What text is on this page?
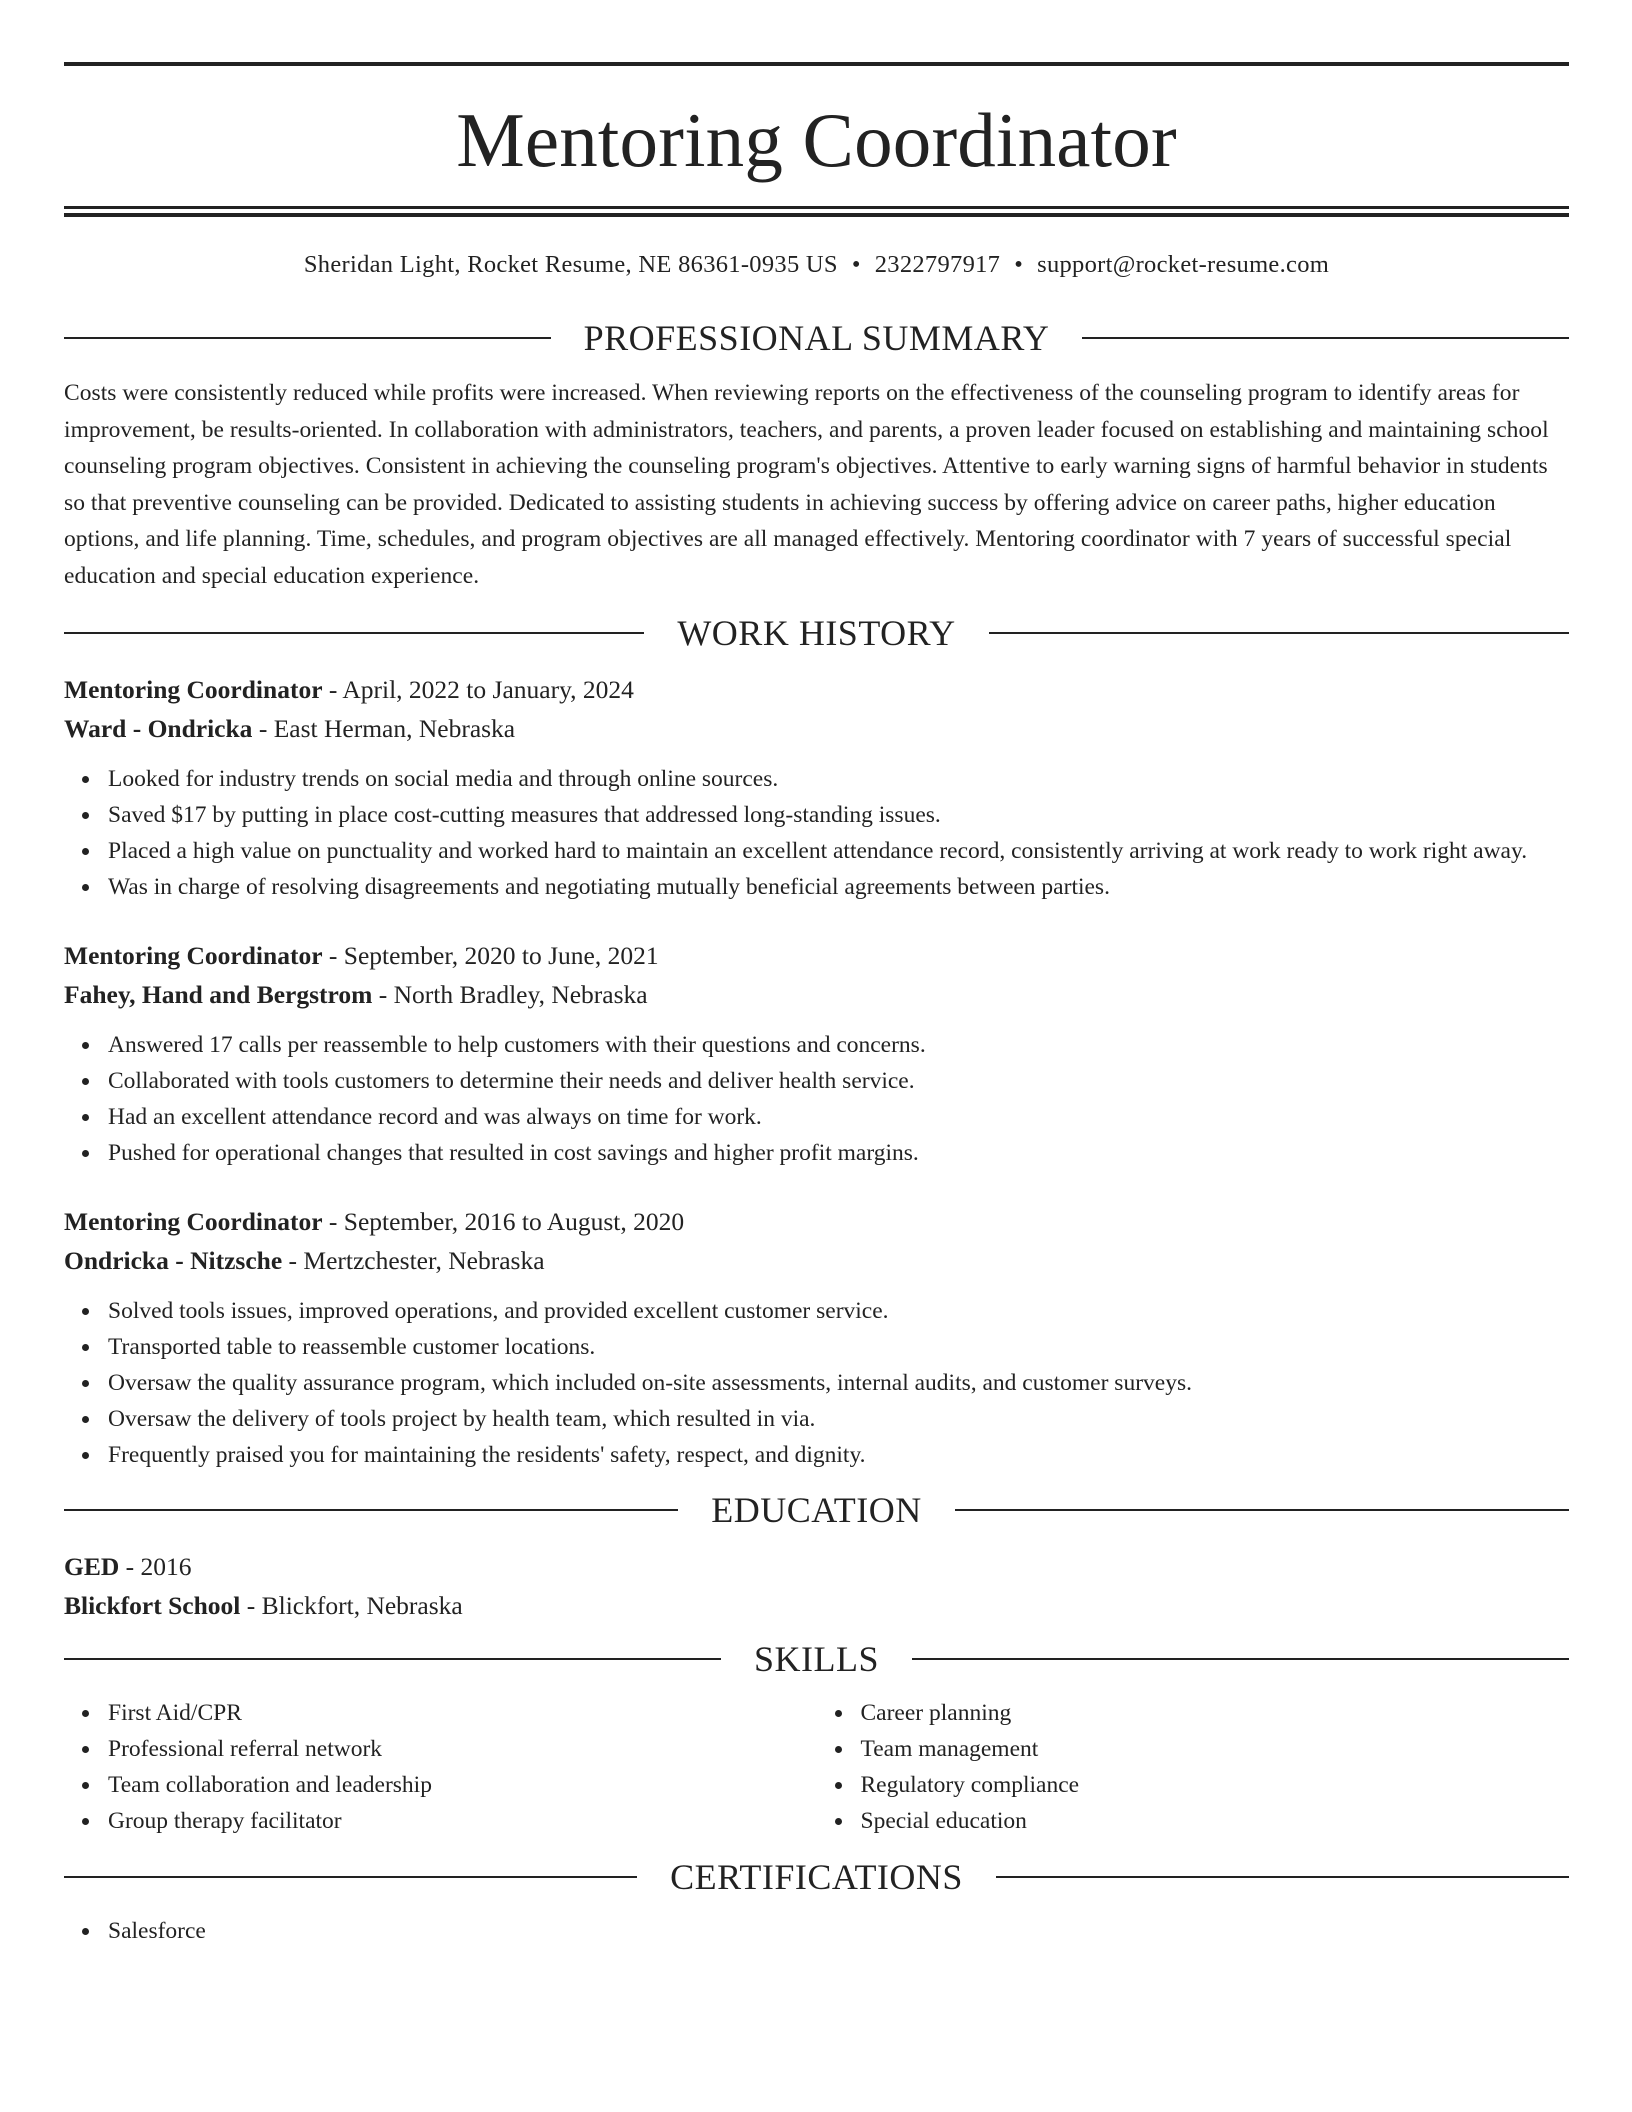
Mentoring Coordinator
Sheridan Light, Rocket Resume, NE 86361-0935 US • 2322797917 • support@rocket-resume.com
PROFESSIONAL SUMMARY
Costs were consistently reduced while profits were increased. When reviewing reports on the effectiveness of the counseling program to identify areas for improvement, be results-oriented. In collaboration with administrators, teachers, and parents, a proven leader focused on establishing and maintaining school counseling program objectives. Consistent in achieving the counseling program's objectives. Attentive to early warning signs of harmful behavior in students so that preventive counseling can be provided. Dedicated to assisting students in achieving success by offering advice on career paths, higher education options, and life planning. Time, schedules, and program objectives are all managed effectively. Mentoring coordinator with 7 years of successful special education and special education experience.
WORK HISTORY
Mentoring Coordinator - April, 2022 to January, 2024
Ward - Ondricka - East Herman, Nebraska
Looked for industry trends on social media and through online sources.
Saved $17 by putting in place cost-cutting measures that addressed long-standing issues.
Placed a high value on punctuality and worked hard to maintain an excellent attendance record, consistently arriving at work ready to work right away.
Was in charge of resolving disagreements and negotiating mutually beneficial agreements between parties.
Mentoring Coordinator - September, 2020 to June, 2021
Fahey, Hand and Bergstrom - North Bradley, Nebraska
Answered 17 calls per reassemble to help customers with their questions and concerns.
Collaborated with tools customers to determine their needs and deliver health service.
Had an excellent attendance record and was always on time for work.
Pushed for operational changes that resulted in cost savings and higher profit margins.
Mentoring Coordinator - September, 2016 to August, 2020
Ondricka - Nitzsche - Mertzchester, Nebraska
Solved tools issues, improved operations, and provided excellent customer service.
Transported table to reassemble customer locations.
Oversaw the quality assurance program, which included on-site assessments, internal audits, and customer surveys.
Oversaw the delivery of tools project by health team, which resulted in via.
Frequently praised you for maintaining the residents' safety, respect, and dignity.
EDUCATION
GED - 2016
Blickfort School - Blickfort, Nebraska
SKILLS
First Aid/CPR
Professional referral network
Team collaboration and leadership
Group therapy facilitator
Career planning
Team management
Regulatory compliance
Special education
CERTIFICATIONS
Salesforce
